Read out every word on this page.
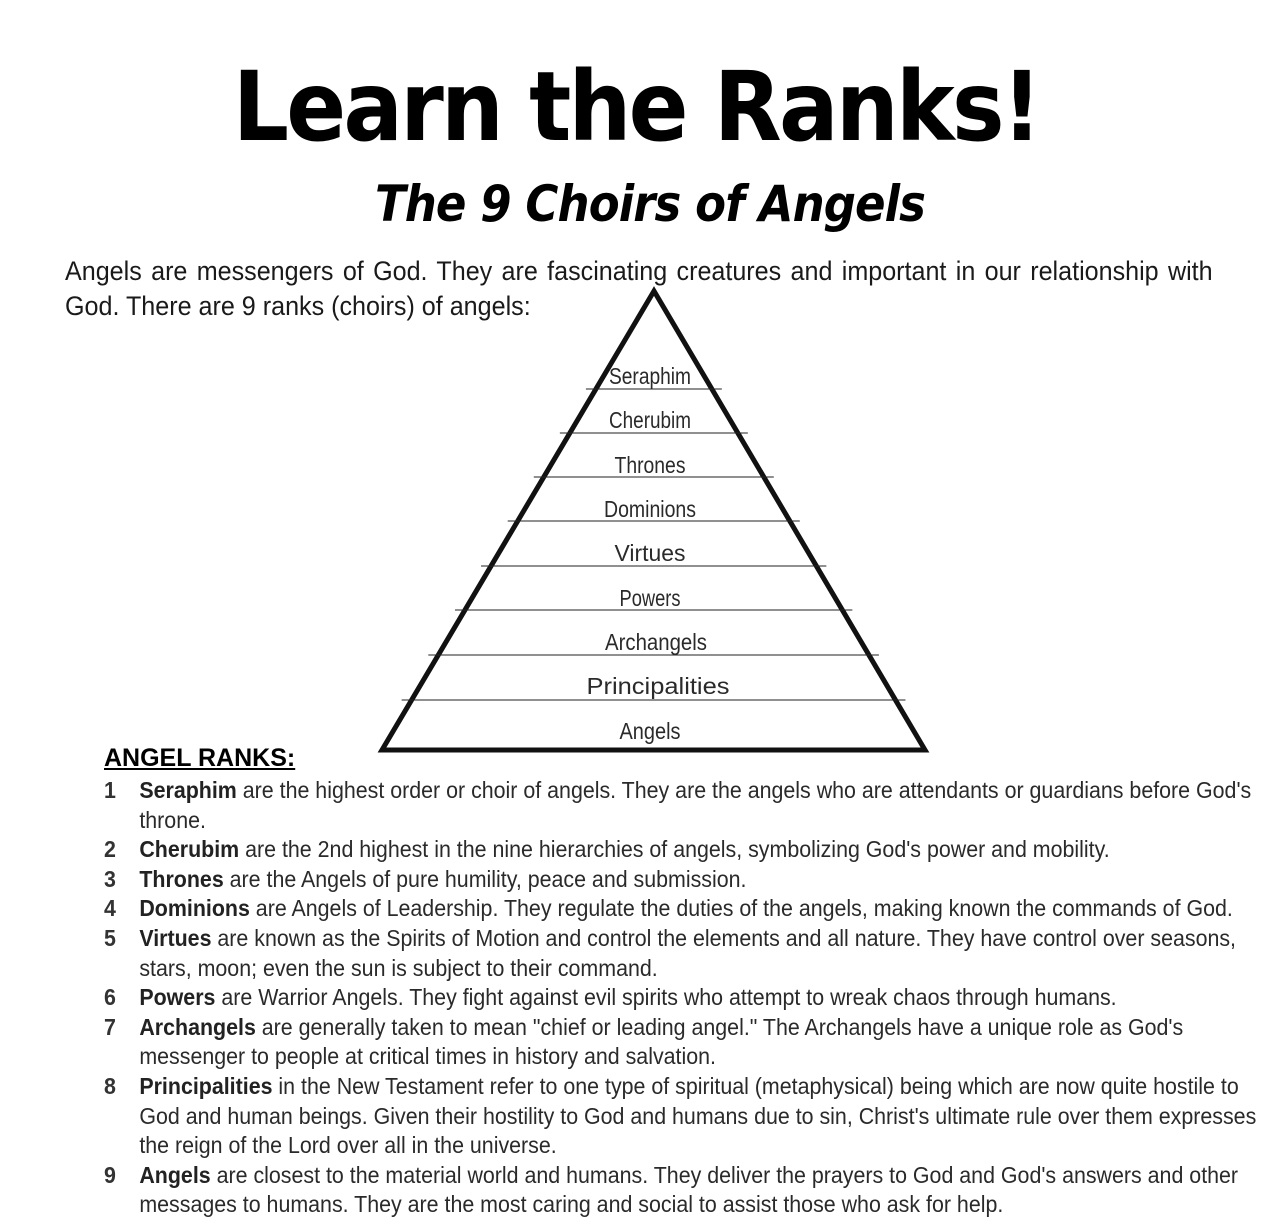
Learn the Ranks!
The 9 Choirs of Angels
Angels are messengers of God. They are fascinating creatures and important in our relationship with God. There are 9 ranks (choirs) of angels:
Seraphim
Cherubim
Thrones
Dominions
Virtues
Powers
Archangels
Principalities
Angels
ANGEL RANKS:
1 Seraphim are the highest order or choir of angels. They are the angels who are attendants or guardians before God's throne.
2 Cherubim are the 2nd highest in the nine hierarchies of angels, symbolizing God's power and mobility.
3 Thrones are the Angels of pure humility, peace and submission.
4 Dominions are Angels of Leadership. They regulate the duties of the angels, making known the commands of God.
5 Virtues are known as the Spirits of Motion and control the elements and all nature. They have control over seasons, stars, moon; even the sun is subject to their command.
6 Powers are Warrior Angels. They fight against evil spirits who attempt to wreak chaos through humans.
7 Archangels are generally taken to mean "chief or leading angel." The Archangels have a unique role as God's messenger to people at critical times in history and salvation.
8 Principalities in the New Testament refer to one type of spiritual (metaphysical) being which are now quite hostile to God and human beings. Given their hostility to God and humans due to sin, Christ's ultimate rule over them expresses the reign of the Lord over all in the universe.
9 Angels are closest to the material world and humans. They deliver the prayers to God and God's answers and other messages to humans. They are the most caring and social to assist those who ask for help.
